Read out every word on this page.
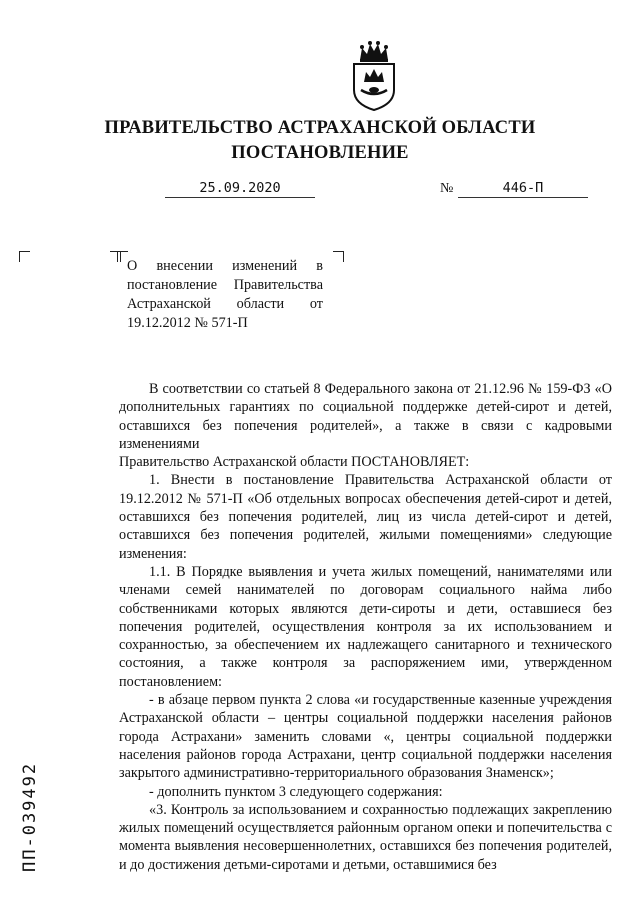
ПРАВИТЕЛЬСТВО АСТРАХАНСКОЙ ОБЛАСТИ
ПОСТАНОВЛЕНИЕ
25.09.2020	№	446-П
О внесении изменений в постановление Правительства Астраханской области от 19.12.2012 № 571-П

В соответствии со статьей 8 Федерального закона от 21.12.96 № 159-ФЗ «О дополнительных гарантиях по социальной поддержке детей-сирот и детей, оставшихся без попечения родителей», а также в связи с кадровыми изменениями

Правительство Астраханской области ПОСТАНОВЛЯЕТ:

1. Внести в постановление Правительства Астраханской области от 19.12.2012 № 571-П «Об отдельных вопросах обеспечения детей-сирот и детей, оставшихся без попечения родителей, лиц из числа детей-сирот и детей, оставшихся без попечения родителей, жилыми помещениями» следующие изменения:

1.1. В Порядке выявления и учета жилых помещений, нанимателями или членами семей нанимателей по договорам социального найма либо собственниками которых являются дети-сироты и дети, оставшиеся без попечения родителей, осуществления контроля за их использованием и сохранностью, за обеспечением их надлежащего санитарного и технического состояния, а также контроля за распоряжением ими, утвержденном постановлением:

- в абзаце первом пункта 2 слова «и государственные казенные учреждения Астраханской области – центры социальной поддержки населения районов города Астрахани» заменить словами «, центры социальной поддержки населения районов города Астрахани, центр социальной поддержки населения закрытого административно-территориального образования Знаменск»;

- дополнить пунктом 3 следующего содержания:

«3. Контроль за использованием и сохранностью подлежащих закреплению жилых помещений осуществляется районным органом опеки и попечительства с момента выявления несовершеннолетних, оставшихся без попечения родителей, и до достижения детьми-сиротами и детьми, оставшимися без

ПП-039492
